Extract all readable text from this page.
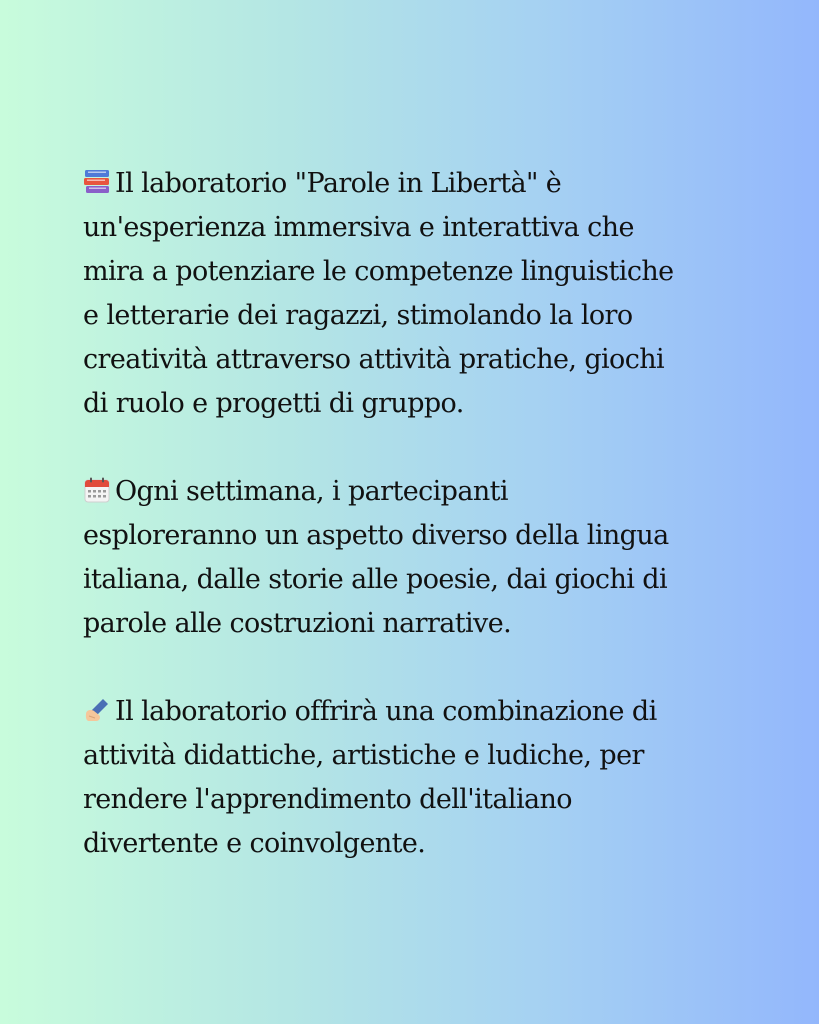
Il laboratorio "Parole in Libertà" è
un'esperienza immersiva e interattiva che
mira a potenziare le competenze linguistiche
e letterarie dei ragazzi, stimolando la loro
creatività attraverso attività pratiche, giochi
di ruolo e progetti di gruppo.

Ogni settimana, i partecipanti
esploreranno un aspetto diverso della lingua
italiana, dalle storie alle poesie, dai giochi di
parole alle costruzioni narrative.

Il laboratorio offrirà una combinazione di
attività didattiche, artistiche e ludiche, per
rendere l'apprendimento dell'italiano
divertente e coinvolgente.
